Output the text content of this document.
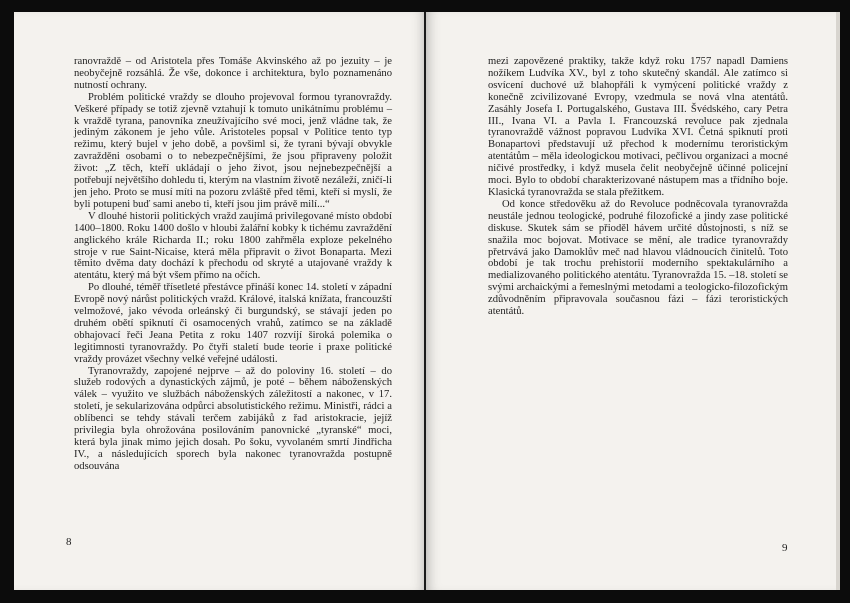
ranovraždě – od Aristotela přes Tomáše Akvinského až po jezuity – je neobyčejně rozsáhlá. Že vše, dokonce i architektura, bylo poznamenáno nutností ochrany.

Problém politické vraždy se dlouho projevoval formou tyranovraždy. Veškeré případy se totiž zjevně vztahují k tomuto unikátnímu problému – k vraždě tyrana, panovníka zneužívajícího své moci, jenž vládne tak, že jediným zákonem je jeho vůle. Aristoteles popsal v Politice tento typ režimu, který bujel v jeho době, a povšiml si, že tyrani bývají obvykle zavražděni osobami o to nebezpečnějšími, že jsou připraveny položit život: „Z těch, kteří ukládají o jeho život, jsou nejnebezpečnější a potřebují největšího dohledu ti, kterým na vlastním životě nezáleží, zničí-li jen jeho. Proto se musí míti na pozoru zvláště před těmi, kteří si myslí, že byli potupeni buď sami anebo ti, kteří jsou jim právě milí...“

V dlouhé historii politických vražd zaujímá privilegované místo období 1400–1800. Roku 1400 došlo v hloubi žalářní kobky k tichému zavraždění anglického krále Richarda II.; roku 1800 zahřměla exploze pekelného stroje v rue Saint-Nicaise, která měla připravit o život Bonaparta. Mezi těmito dvěma daty dochází k přechodu od skryté a utajované vraždy k atentátu, který má být všem přímo na očích.

Po dlouhé, téměř třísetleté přestávce přináší konec 14. století v západní Evropě nový nárůst politických vražd. Králové, italská knížata, francouzští velmožové, jako vévoda orleánský či burgundský, se stávají jeden po druhém obětí spiknutí či osamocených vrahů, zatímco se na základě obhajovací řeči Jeana Petita z roku 1407 rozvíjí široká polemika o legitimnosti tyranovraždy. Po čtyři staletí bude teorie i praxe politické vraždy provázet všechny velké veřejné události.

Tyranovraždy, zapojené nejprve – až do poloviny 16. století – do služeb rodových a dynastických zájmů, je poté – během náboženských válek – využito ve službách náboženských záležitostí a nakonec, v 17. století, je sekularizována odpůrci absolutistického režimu. Ministři, rádci a oblíbenci se tehdy stávali terčem zabijáků z řad aristokracie, jejíž privilegia byla ohrožována posilováním panovnické „tyranské“ moci, která byla jinak mimo jejich dosah. Po šoku, vyvolaném smrtí Jindřicha IV., a následujících sporech byla nakonec tyranovražda postupně odsouvána

8

mezi zapovězené praktiky, takže když roku 1757 napadl Damiens nožíkem Ludvíka XV., byl z toho skutečný skandál. Ale zatímco si osvícení duchové už blahopřáli k vymýcení politické vraždy z konečně zcivilizované Evropy, vzedmula se nová vlna atentátů. Zasáhly Josefa I. Portugalského, Gustava III. Švédského, cary Petra III., Ivana VI. a Pavla I. Francouzská revoluce pak zjednala tyranovraždě vážnost popravou Ludvíka XVI. Četná spiknutí proti Bonapartovi představují už přechod k modernímu teroristickým atentátům – měla ideologickou motivaci, pečlivou organizaci a mocné ničivé prostředky, i když musela čelit neobyčejně účinné policejní moci. Bylo to období charakterizované nástupem mas a třídního boje. Klasická tyranovražda se stala přežitkem.

Od konce středověku až do Revoluce podněcovala tyranovražda neustále jednou teologické, podruhé filozofické a jindy zase politické diskuse. Skutek sám se přioděl hávem určité důstojnosti, s níž se snažila moc bojovat. Motivace se mění, ale tradice tyranovraždy přetrvává jako Damoklův meč nad hlavou vládnoucích činitelů. Toto období je tak trochu prehistorií moderního spektakulárního a medializovaného politického atentátu. Tyranovražda 15. –18. století se svými archaickými a řemeslnými metodami a teologicko-filozofickým zdůvodněním připravovala současnou fázi – fázi teroristických atentátů.

9
